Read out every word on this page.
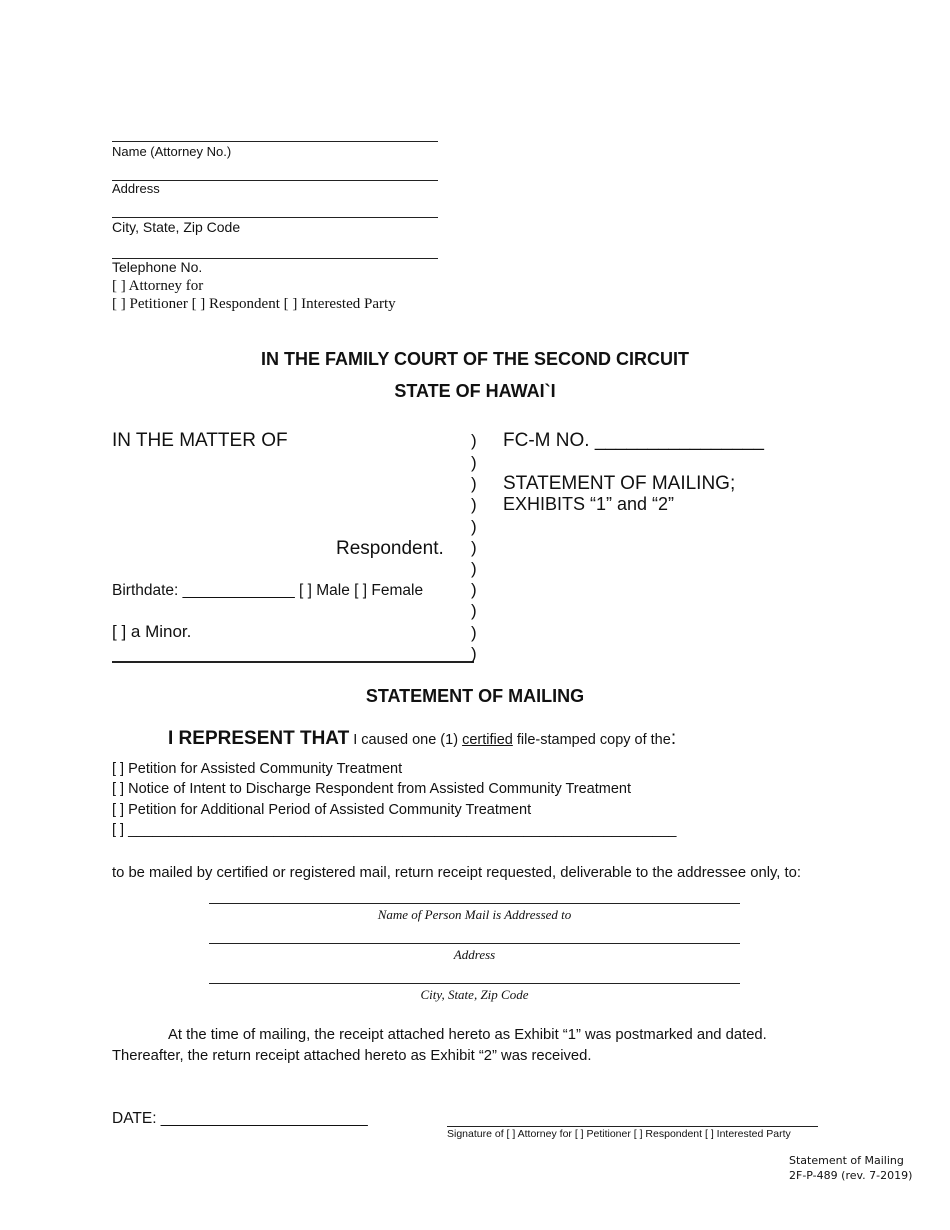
Name (Attorney No.)
Address
City, State, Zip Code
Telephone No.
[ ] Attorney for
[ ] Petitioner [ ] Respondent [ ] Interested Party
IN THE FAMILY COURT OF THE SECOND CIRCUIT
STATE OF HAWAI`I
IN THE MATTER OF
Respondent.
Birthdate: _____________ [ ] Male [ ] Female
[ ] a Minor.
)
)
)
)
)
)
)
)
)
)
)
FC-M NO. ________________
STATEMENT OF MAILING;
EXHIBITS “1” and “2”
STATEMENT OF MAILING
I REPRESENT THAT I caused one (1) certified file-stamped copy of the:
[ ] Petition for Assisted Community Treatment
[ ] Notice of Intent to Discharge Respondent from Assisted Community Treatment
[ ] Petition for Additional Period of Assisted Community Treatment
[ ] ____________________________________________________________________
to be mailed by certified or registered mail, return receipt requested, deliverable to the addressee only, to:
Name of Person Mail is Addressed to
Address
City, State, Zip Code
At the time of mailing, the receipt attached hereto as Exhibit “1” was postmarked and dated.
Thereafter, the return receipt attached hereto as Exhibit “2” was received.
DATE: ________________________
Signature of [ ] Attorney for [ ] Petitioner [ ] Respondent [ ] Interested Party
Statement of Mailing
2F-P-489 (rev. 7-2019)
